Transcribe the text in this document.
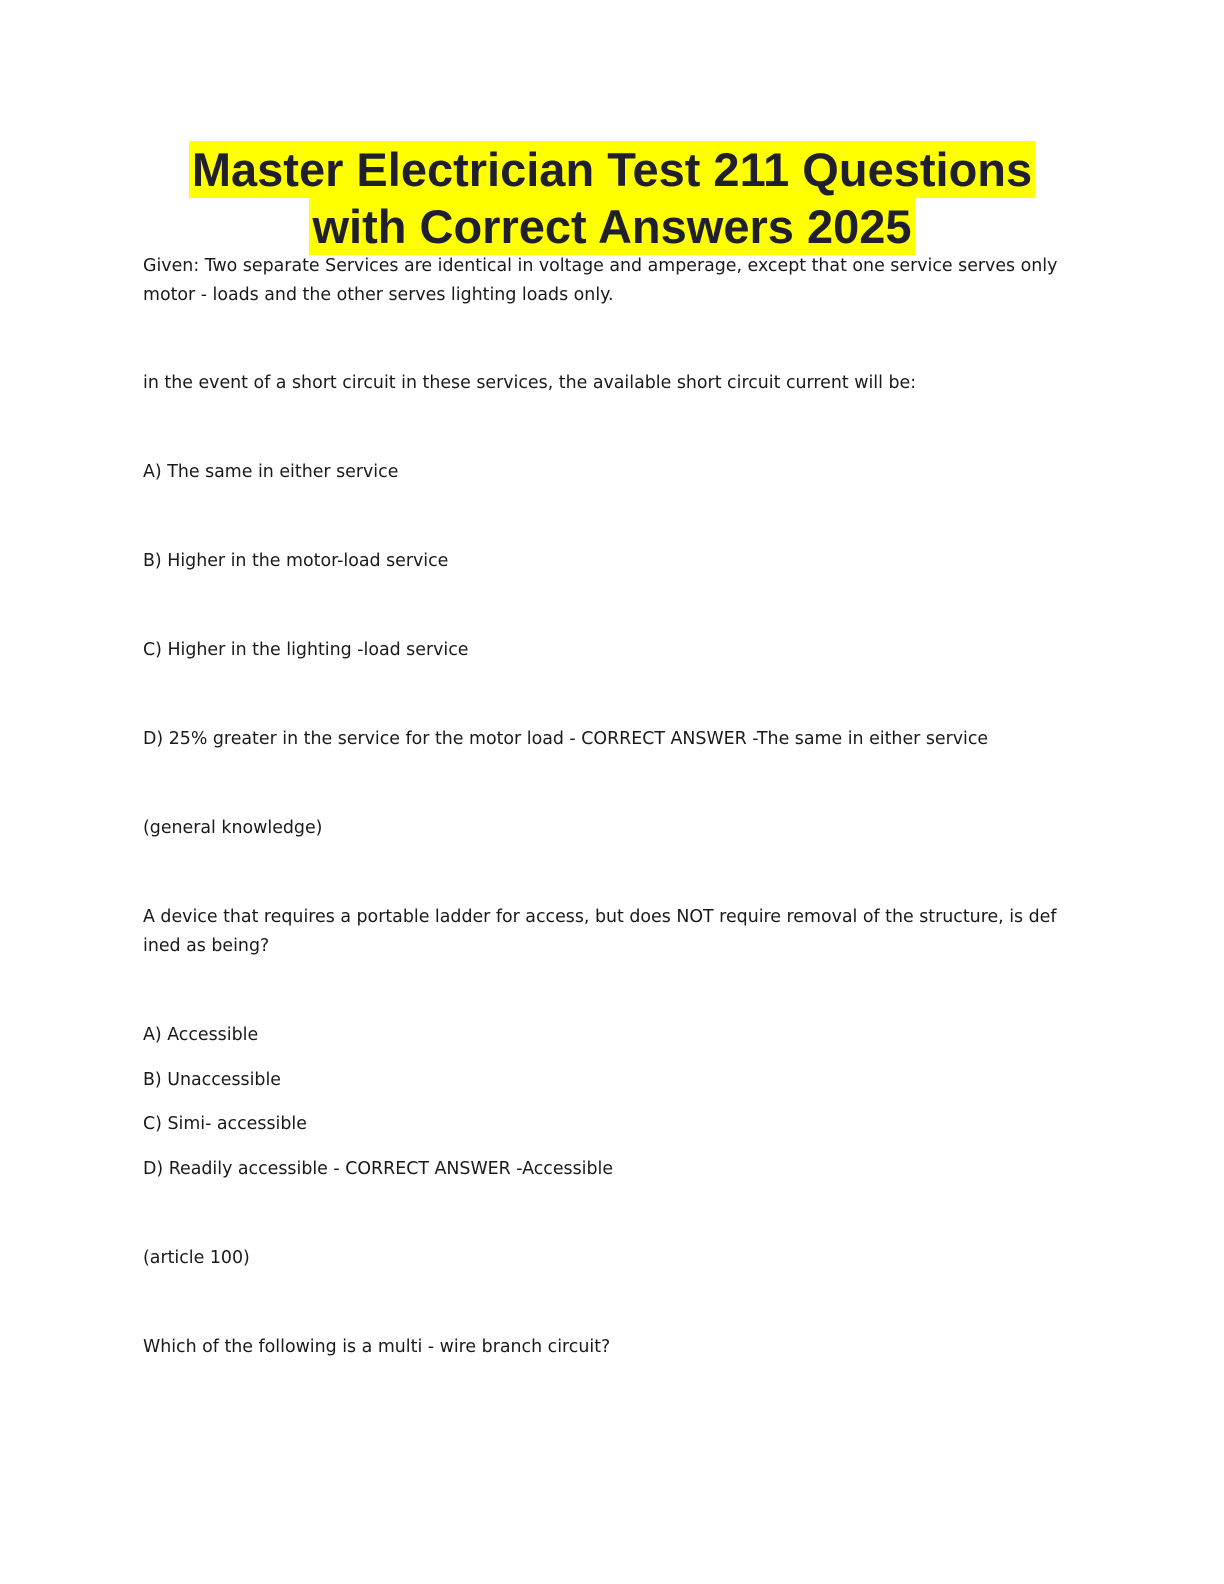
Master Electrician Test 211 Questions
with Correct Answers 2025

Given: Two separate Services are identical in voltage and amperage, except that one service serves only

motor - loads and the other serves lighting loads only.

in the event of a short circuit in these services, the available short circuit current will be:

A) The same in either service

B) Higher in the motor-load service

C) Higher in the lighting -load service

D) 25% greater in the service for the motor load - CORRECT ANSWER -The same in either service

(general knowledge)

A device that requires a portable ladder for access, but does NOT require removal of the structure, is def

ined as being?

A) Accessible

B) Unaccessible

C) Simi- accessible

D) Readily accessible - CORRECT ANSWER -Accessible

(article 100)

Which of the following is a multi - wire branch circuit?
